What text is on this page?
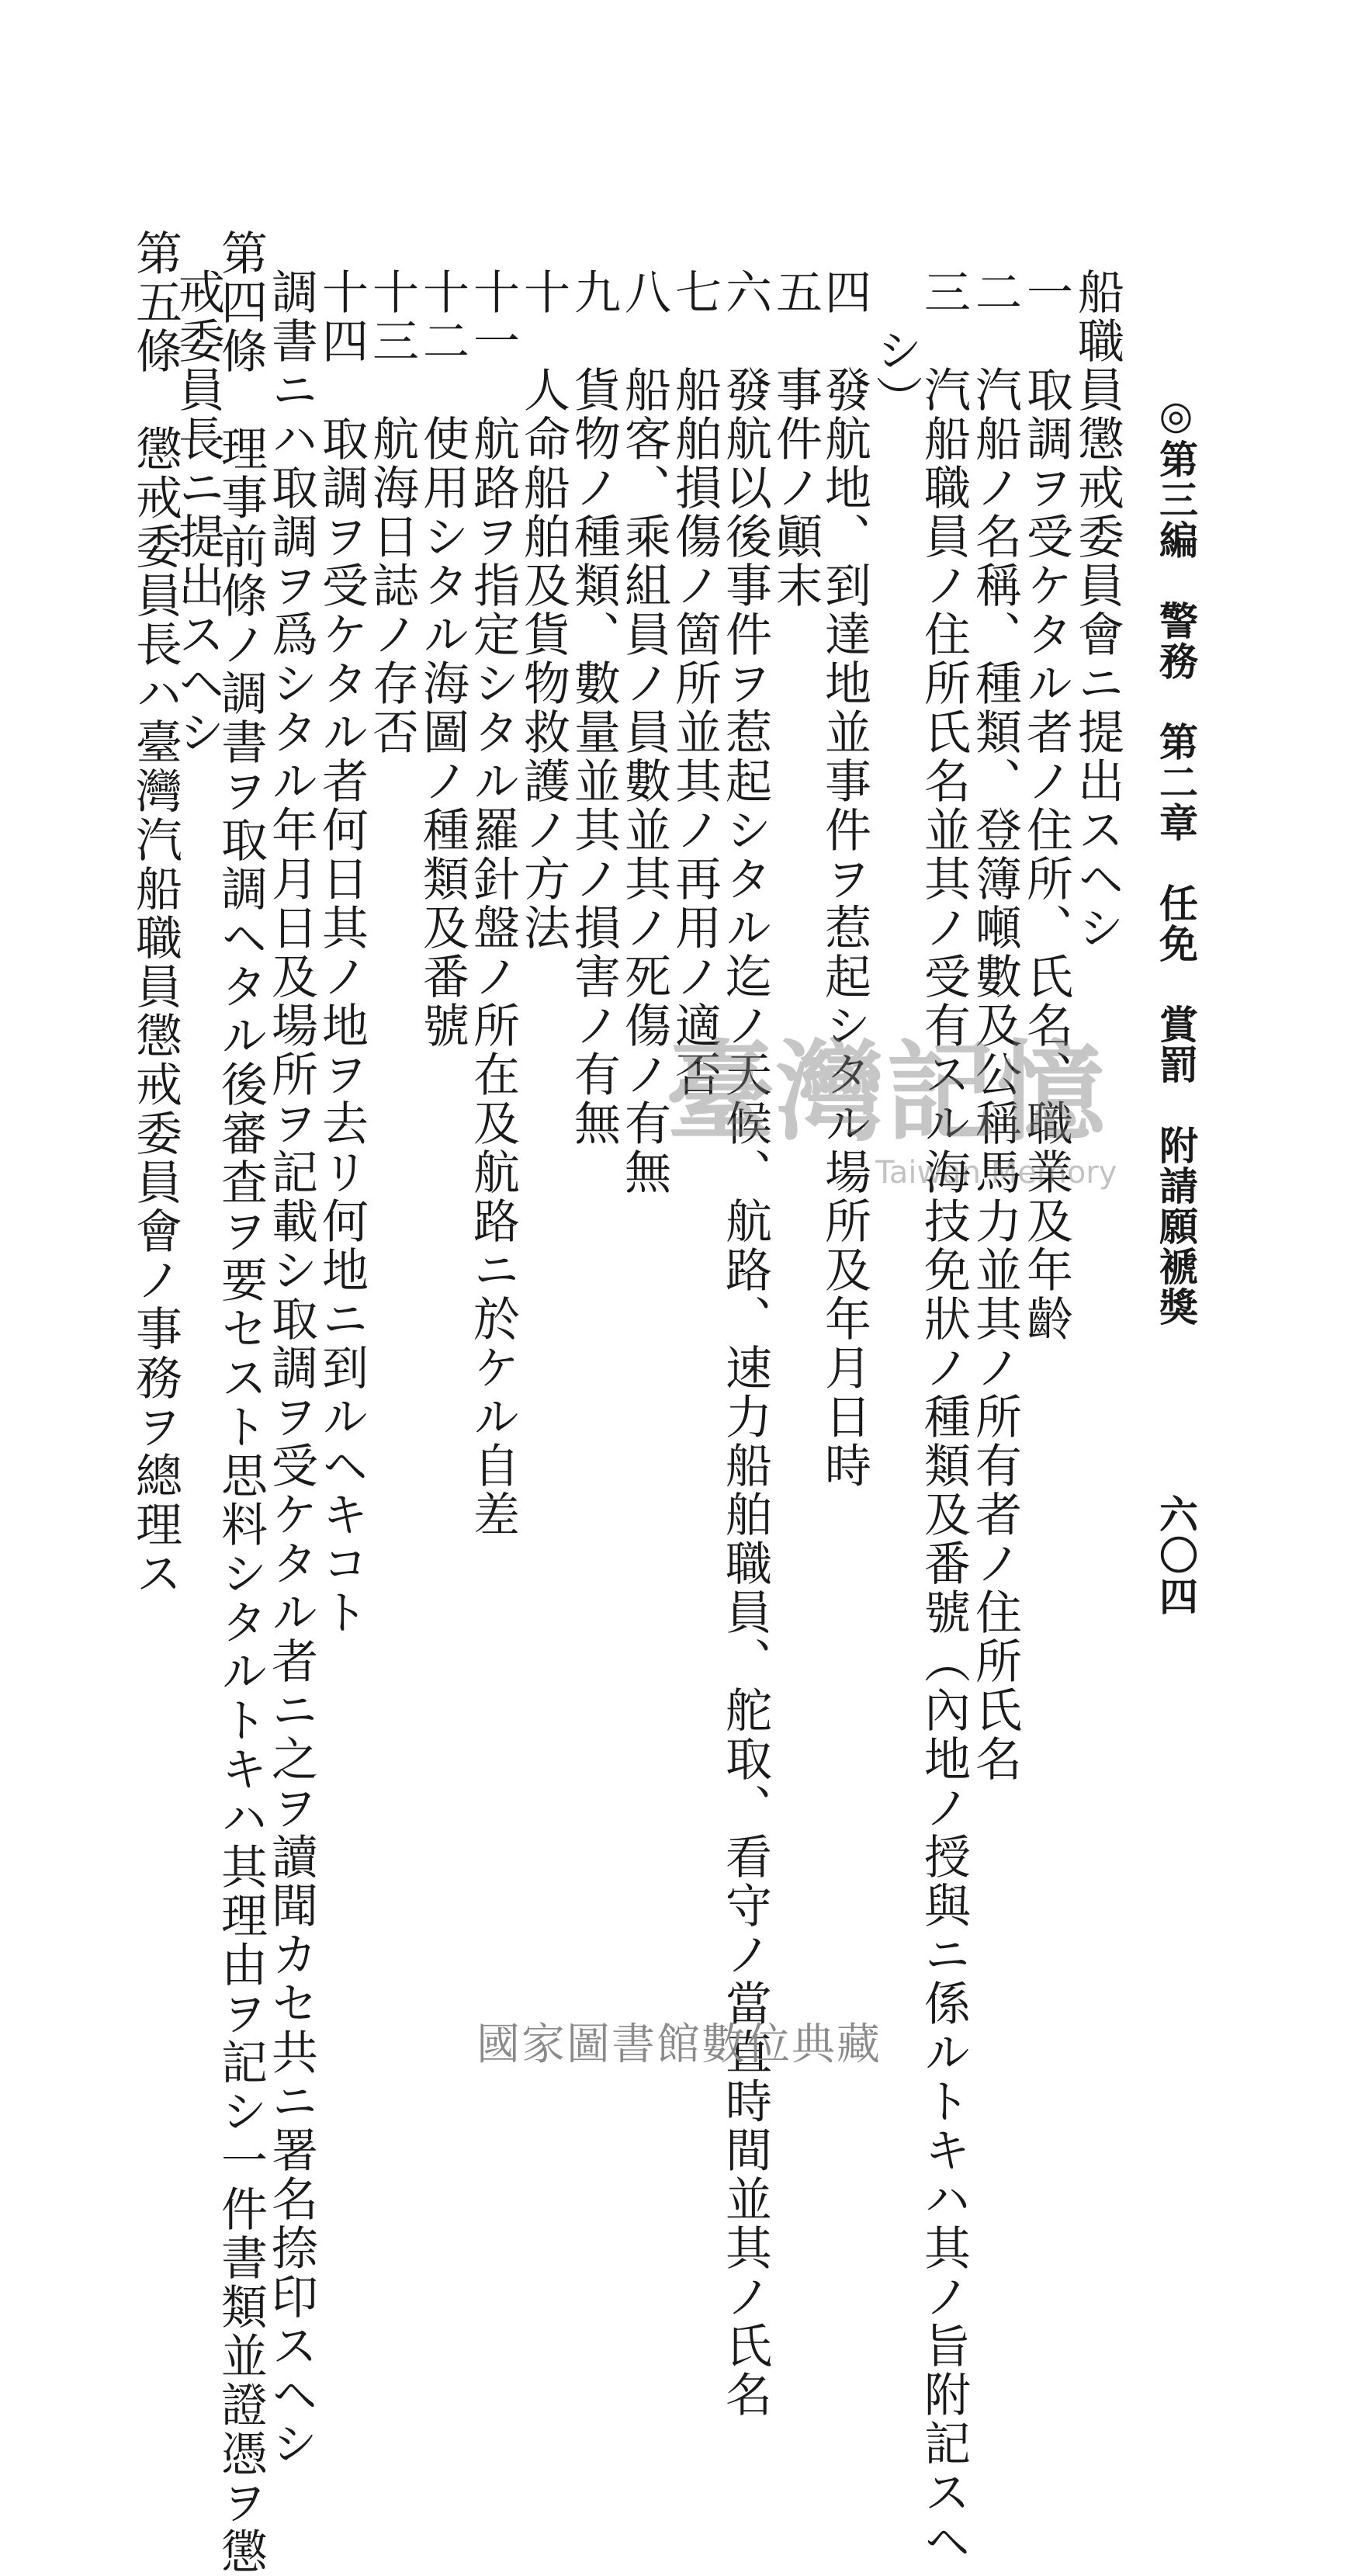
◎第三編　警務　第二章　任免　賞罰　附請願褫獎
六〇四
船職員懲戒委員會ニ提出スヘシ
一　取調ヲ受ケタル者ノ住所、氏名、職業及年齡
二　汽船ノ名稱、種類、登簿噸數及公稱馬力並其ノ所有者ノ住所氏名
三　汽船職員ノ住所氏名並其ノ受有スル海技免狀ノ種類及番號（內地ノ授與ニ係ルトキハ其ノ旨附記スヘ
シ）
四　發航地、到達地並事件ヲ惹起シタル場所及年月日時
五　事件ノ顚末
六　發航以後事件ヲ惹起シタル迄ノ天候、航路、速力船舶職員、舵取、看守ノ當直時間並其ノ氏名
七　船舶損傷ノ箇所並其ノ再用ノ適否
八　船客、乘組員ノ員數並其ノ死傷ノ有無
九　貨物ノ種類、數量並其ノ損害ノ有無
十　人命船舶及貨物救護ノ方法
十一　航路ヲ指定シタル羅針盤ノ所在及航路ニ於ケル自差
十二　使用シタル海圖ノ種類及番號
十三　航海日誌ノ存否
十四　取調ヲ受ケタル者何日其ノ地ヲ去リ何地ニ到ルヘキコト
調書ニハ取調ヲ爲シタル年月日及場所ヲ記載シ取調ヲ受ケタル者ニ之ヲ讀聞カセ共ニ署名捺印スヘシ
第四條　理事前條ノ調書ヲ取調ヘタル後審査ヲ要セスト思料シタルトキハ其理由ヲ記シ一件書類並證憑ヲ懲
戒委員長ニ提出スヘシ
第五條　懲戒委員長ハ臺灣汽船職員懲戒委員會ノ事務ヲ總理ス	臺灣記憶
Taiwan Memory
國家圖書館數位典藏
